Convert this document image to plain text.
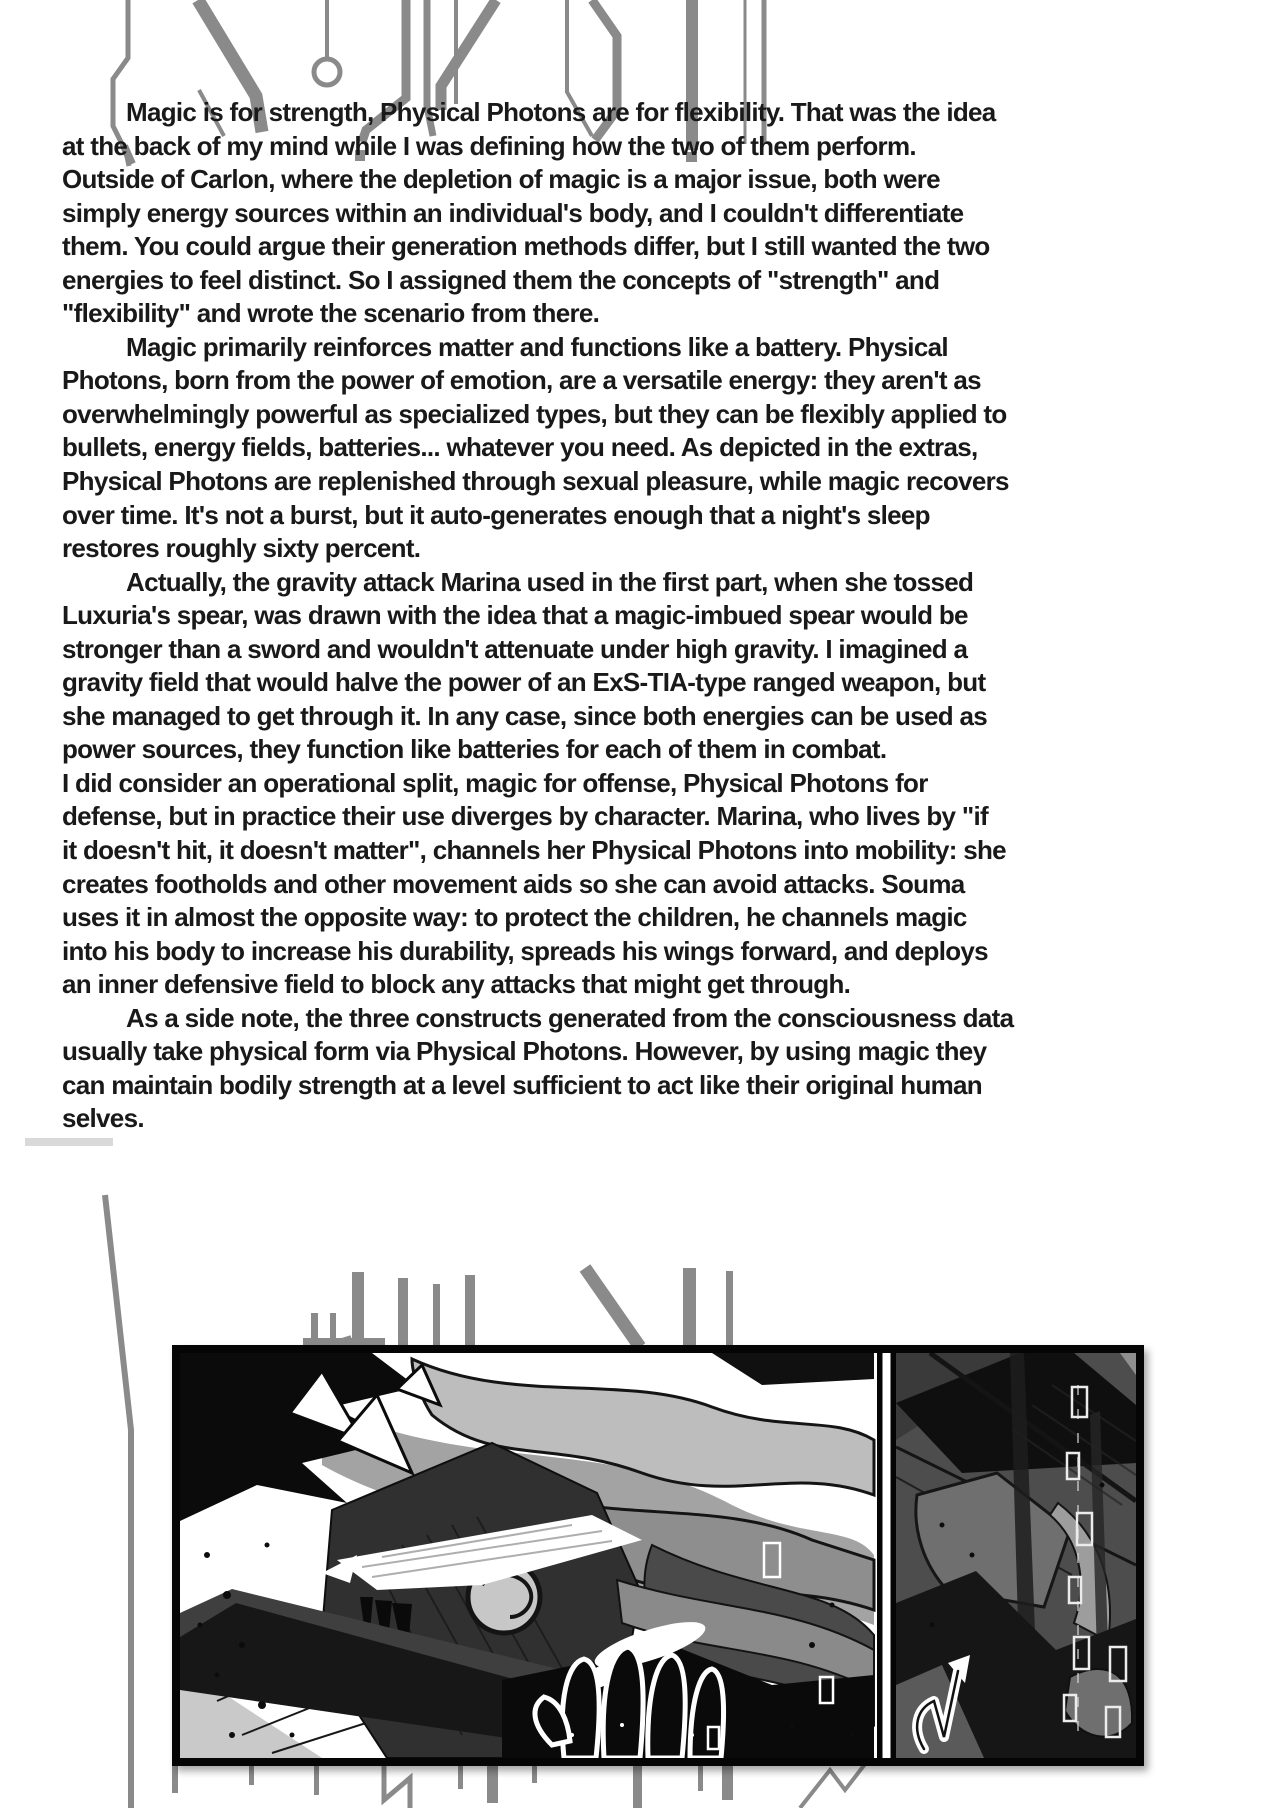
Magic is for strength, Physical Photons are for flexibility. That was the idea
at the back of my mind while I was defining how the two of them perform.
Outside of Carlon, where the depletion of magic is a major issue, both were
simply energy sources within an individual's body, and I couldn't differentiate
them. You could argue their generation methods differ, but I still wanted the two
energies to feel distinct. So I assigned them the concepts of "strength" and
"flexibility" and wrote the scenario from there.
Magic primarily reinforces matter and functions like a battery. Physical
Photons, born from the power of emotion, are a versatile energy: they aren't as
overwhelmingly powerful as specialized types, but they can be flexibly applied to
bullets, energy fields, batteries... whatever you need. As depicted in the extras,
Physical Photons are replenished through sexual pleasure, while magic recovers
over time. It's not a burst, but it auto-generates enough that a night's sleep
restores roughly sixty percent.
Actually, the gravity attack Marina used in the first part, when she tossed
Luxuria's spear, was drawn with the idea that a magic-imbued spear would be
stronger than a sword and wouldn't attenuate under high gravity. I imagined a
gravity field that would halve the power of an ExS-TIA-type ranged weapon, but
she managed to get through it. In any case, since both energies can be used as
power sources, they function like batteries for each of them in combat.
I did consider an operational split, magic for offense, Physical Photons for
defense, but in practice their use diverges by character. Marina, who lives by "if
it doesn't hit, it doesn't matter", channels her Physical Photons into mobility: she
creates footholds and other movement aids so she can avoid attacks. Souma
uses it in almost the opposite way: to protect the children, he channels magic
into his body to increase his durability, spreads his wings forward, and deploys
an inner defensive field to block any attacks that might get through.
As a side note, the three constructs generated from the consciousness data
usually take physical form via Physical Photons. However, by using magic they
can maintain bodily strength at a level sufficient to act like their original human
selves.
